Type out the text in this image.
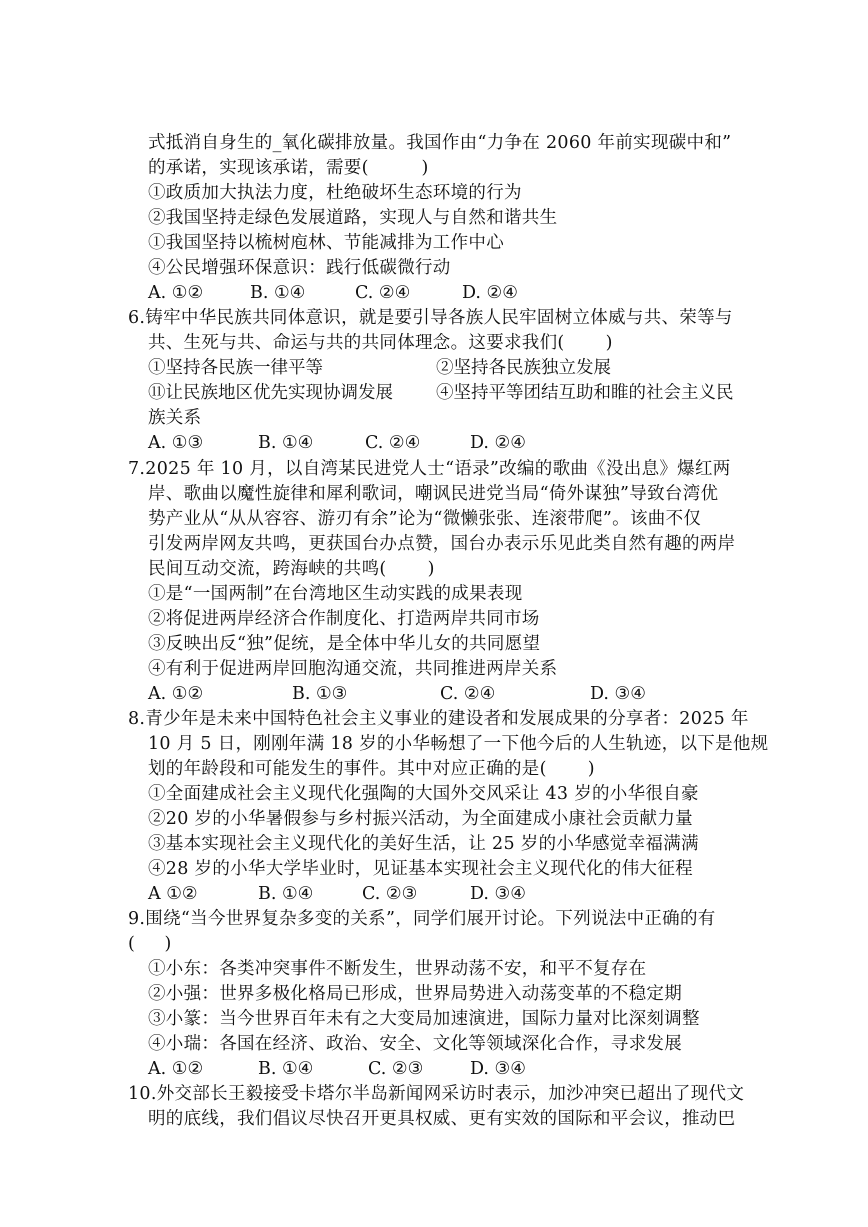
式抵消自身生的_氧化碳排放量。我国作由“力争在 2060 年前实现碳中和”
的承诺，实现该承诺，需要(         )
①政质加大执法力度，杜绝破坏生态环境的行为
②我国坚持走绿色发展道路，实现人与自然和谐共生
①我国坚持以梳树庖林、节能减排为工作中心
④公民增强环保意识：践行低碳微行动
A. ①②	B. ①④	C. ②④	D. ②④
6.铸牢中华民族共同体意识，就是要引导各族人民牢固树立体威与共、荣等与
共、生死与共、命运与共的共同体理念。这要求我们(       )
①坚持各民族一律平等	②坚持各民族独立发展
⑪让民族地区优先实现协调发展 ④坚持平等团结互助和睢的社会主义民
族关系
A. ①③	B. ①④	C. ②④	D. ②④
7.2025 年 10 月，以自湾某民进党人士“语录”改编的歌曲《没出息》爆红两
岸、歌曲以魔性旋律和犀利歌词，嘲讽民进党当局“倚外谋独”导致台湾优
势产业从“从从容容、游刃有余”论为“微懒张张、连滚带爬”。该曲不仅
引发两岸网友共鸣，更获国台办点赞，国台办表示乐见此类自然有趣的两岸
民间互动交流，跨海峡的共鸣(       )
①是“一国两制”在台湾地区生动实践的成果表现
②将促进两岸经济合作制度化、打造两岸共同市场
③反映出反“独”促统，是全体中华儿女的共同愿望
④有利于促进两岸回胞沟通交流，共同推进两岸关系
A. ①②	B. ①③	C. ②④	D. ③④
8.青少年是未来中国特色社会主义事业的建设者和发展成果的分享者：2025 年
10 月 5 日，刚刚年满 18 岁的小华畅想了一下他今后的人生轨迹，以下是他规
划的年龄段和可能发生的事件。其中对应正确的是(       )
①全面建成社会主义现代化强陶的大国外交风采让 43 岁的小华很自豪
②20 岁的小华暑假参与乡村振兴活动，为全面建成小康社会贡献力量
③基本实现社会主义现代化的美好生活，让 25 岁的小华感觉幸福满满
④28 岁的小华大学毕业时，见证基本实现社会主义现代化的伟大征程
A ①②	B. ①④	C. ②③	D. ③④
9.围绕“当今世界复杂多变的关系”，同学们展开讨论。下列说法中正确的有
(     )
①小东：各类冲突事件不断发生，世界动荡不安，和平不复存在
②小强：世界多极化格局已形成，世界局势进入动荡变革的不稳定期
③小篆：当今世界百年未有之大变局加速演进，国际力量对比深刻调整
④小瑞：各国在经济、政治、安全、文化等领域深化合作，寻求发展
A. ①②	B. ①④	C. ②③	D. ③④
10.外交部长王毅接受卡塔尔半岛新闻网采访时表示，加沙冲突已超出了现代文
明的底线，我们倡议尽快召开更具权威、更有实效的国际和平会议，推动巴
